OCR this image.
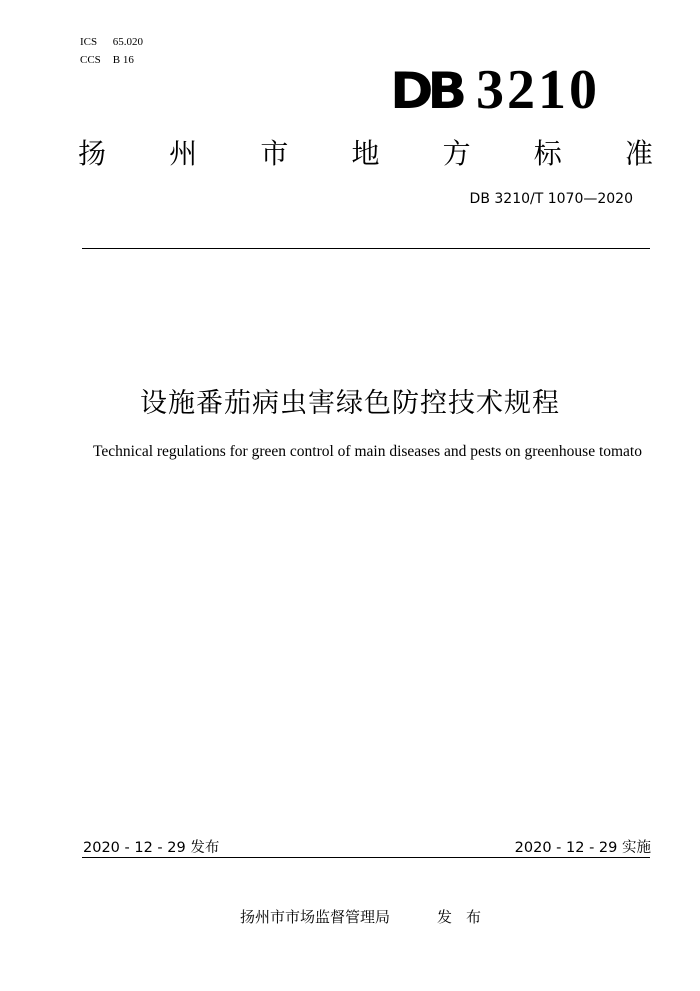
ICS 65.020
CCS B 16
DB 3210
扬 州 市 地 方 标 准
DB 3210/T 1070—2020
设施番茄病虫害绿色防控技术规程
Technical regulations for green control of main diseases and pests on greenhouse tomato
2020 - 12 - 29 发布	2020 - 12 - 29 实施
扬州市市场监督管理局	发布
